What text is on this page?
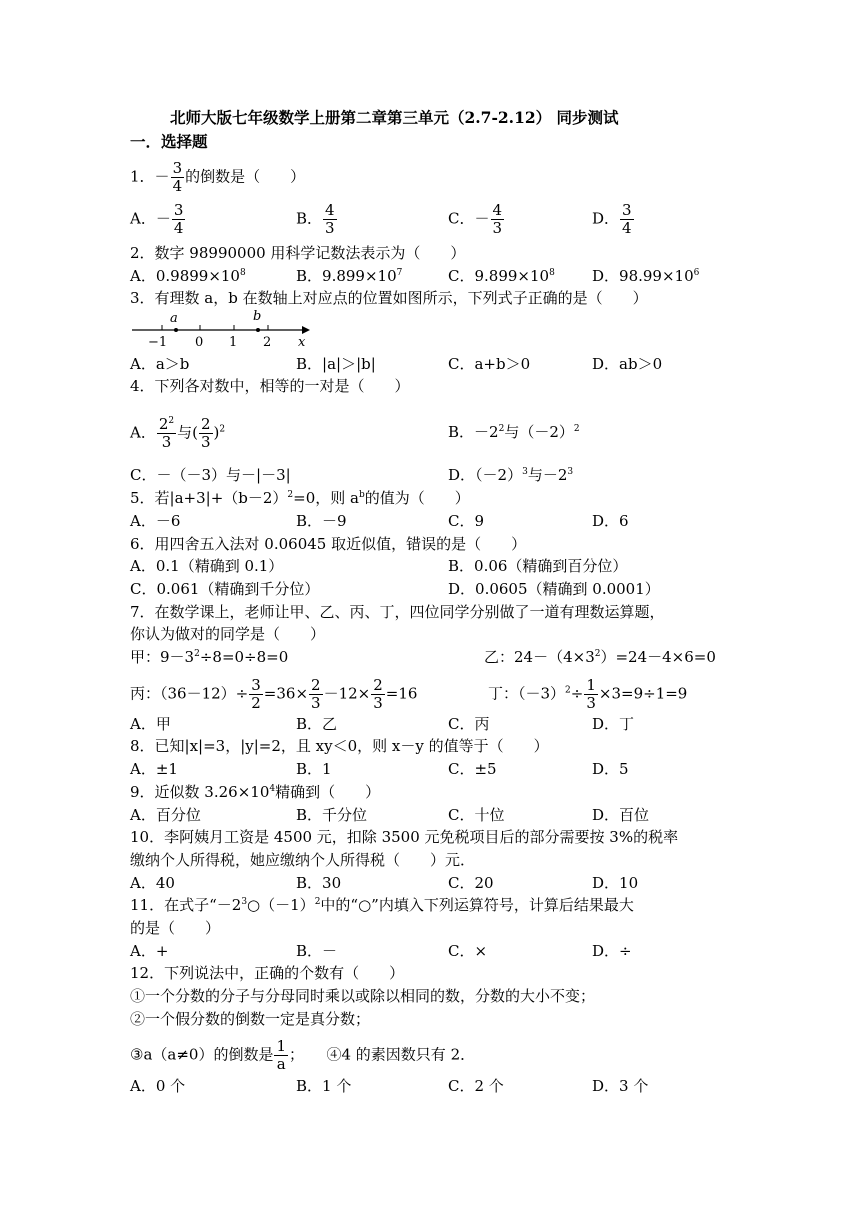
北师大版七年级数学上册第二章第三单元（2.7-2.12） 同步测试
一．选择题
1．－ $\frac{3}{4}$ 的倒数是（　　）
A．－ $\frac{3}{4}$	B． $\frac{4}{3}$	C．－ $\frac{4}{3}$	D． $\frac{3}{4}$
2．数字 98990000 用科学记数法表示为（　　）
A．$0.9899\times 10^8$	B．$9.899\times 10^7$	C．$9.899\times 10^8$ D．$98.99\times 10^6$
3．有理数 a，b 在数轴上对应点的位置如图所示，下列式子正确的是（　　）
a	b
−1 0 1 2 x
A．a＞b	B．|a|＞|b|	C．a+b＞0	D．ab＞0
4．下列各对数中，相等的一对是（　　）
A． $\frac{2^2}{3}$ 与( $\frac{2}{3} )^2$	B．$-2^2$与$(-2)^2$
C．－（－3）与－|－3|	D．$(-2)^3$与$-2^3$
5．若$|a+3|+(b-2)^2=0$，则 $a^b$的值为（　　）
A．－6	B．－9	C．9	D．6
6．用四舍五入法对 0.06045 取近似值，错误的是（　　）
A．0.1（精确到 0.1）	B．0.06（精确到百分位）
C．0.061（精确到千分位）	D．0.0605（精确到 0.0001）
7．在数学课上，老师让甲、乙、丙、丁，四位同学分别做了一道有理数运算题，
你认为做对的同学是（　　）
甲：$9-3^2\div 8=0\div 8=0$	乙：$24-(4\times 3^2)=24-4\times 6=0$
丙：$(36-12)\div \frac{3}{2} =36\times \frac{2}{3} -12\times \frac{2}{3} =16$	丁：$(-3)^2\div \frac{1}{3} \times 3=9\div 1=9$
A．甲	B．乙	C．丙	D．丁
8．已知|x|=3，|y|=2，且 xy＜0，则 x－y 的值等于（　　）
A．±1	B．1	C．±5	D．5
9．近似数 $3.26\times 10^4$精确到（　　）
A．百分位	B．千分位	C．十位	D．百位
10．李阿姨月工资是 4500 元，扣除 3500 元免税项目后的部分需要按 3%的税率
缴纳个人所得税，她应缴纳个人所得税（　　）元．
A．40	B．30	C．20	D．10
11．在式子“$-2^3○(-1)^2$中的“○”内填入下列运算符号，计算后结果最大
的是（　　）
A．+	B．－	C．×	D．÷
12．下列说法中，正确的个数有（　　）
①一个分数的分子与分母同时乘以或除以相同的数，分数的大小不变；
②一个假分数的倒数一定是真分数；
③a（a≠0）的倒数是 $\frac{1}{a}$ ；　　④4 的素因数只有 2．
A．0 个	B．1 个	C．2 个	D．3 个
